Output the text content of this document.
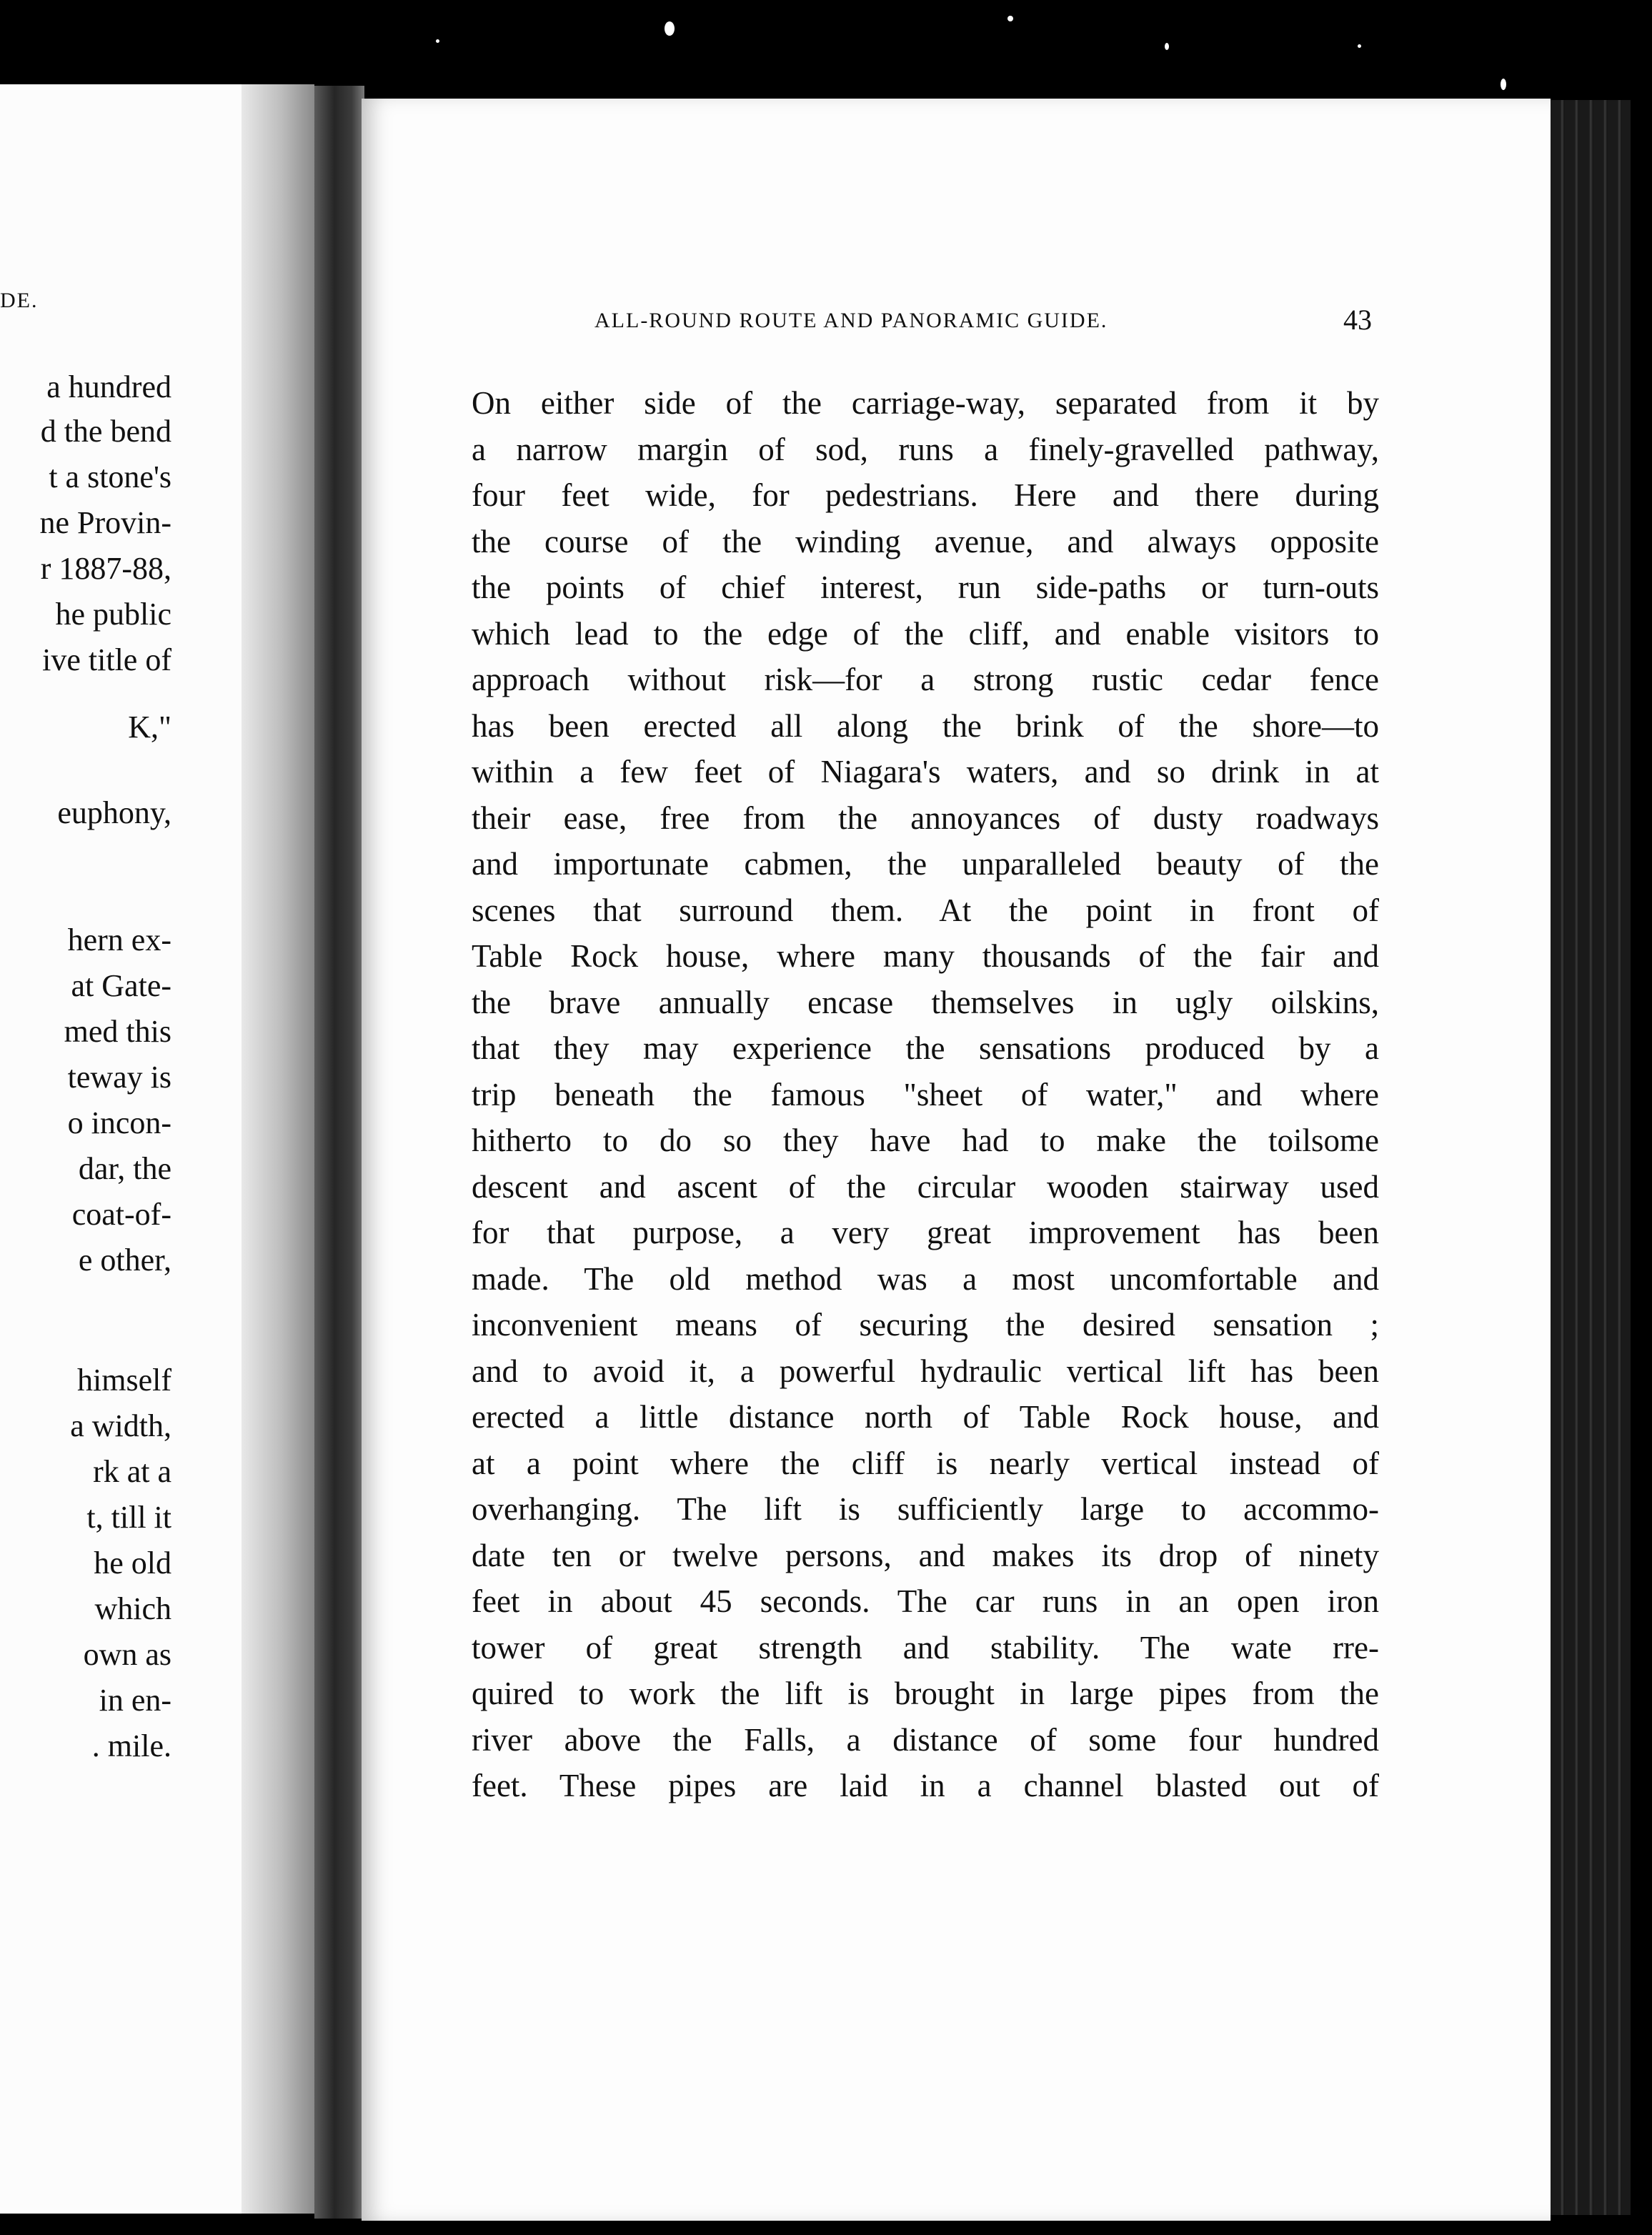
DE.
a hundred
d the bend
t a stone's
ne Provin-
r 1887-88,
he public
ive title of
K,"
euphony,
hern ex-
at Gate-
med this
teway is
o incon-
dar, the
coat-of-
e other,
himself
a width,
rk at a
t, till it
he old
which
own as
in en-
. mile.
ALL-ROUND ROUTE AND PANORAMIC GUIDE.	43
On either side of the carriage-way, separated from it by
a narrow margin of sod, runs a finely-gravelled pathway,
four feet wide, for pedestrians. Here and there during
the course of the winding avenue, and always opposite
the points of chief interest, run side-paths or turn-outs
which lead to the edge of the cliff, and enable visitors to
approach without risk—for a strong rustic cedar fence
has been erected all along the brink of the shore—to
within a few feet of Niagara's waters, and so drink in at
their ease, free from the annoyances of dusty roadways
and importunate cabmen, the unparalleled beauty of the
scenes that surround them. At the point in front of
Table Rock house, where many thousands of the fair and
the brave annually encase themselves in ugly oilskins,
that they may experience the sensations produced by a
trip beneath the famous "sheet of water," and where
hitherto to do so they have had to make the toilsome
descent and ascent of the circular wooden stairway used
for that purpose, a very great improvement has been
made. The old method was a most uncomfortable and
inconvenient means of securing the desired sensation ;
and to avoid it, a powerful hydraulic vertical lift has been
erected a little distance north of Table Rock house, and
at a point where the cliff is nearly vertical instead of
overhanging. The lift is sufficiently large to accommo-
date ten or twelve persons, and makes its drop of ninety
feet in about 45 seconds. The car runs in an open iron
tower of great strength and stability. The wate rre-
quired to work the lift is brought in large pipes from the
river above the Falls, a distance of some four hundred
feet. These pipes are laid in a channel blasted out of
